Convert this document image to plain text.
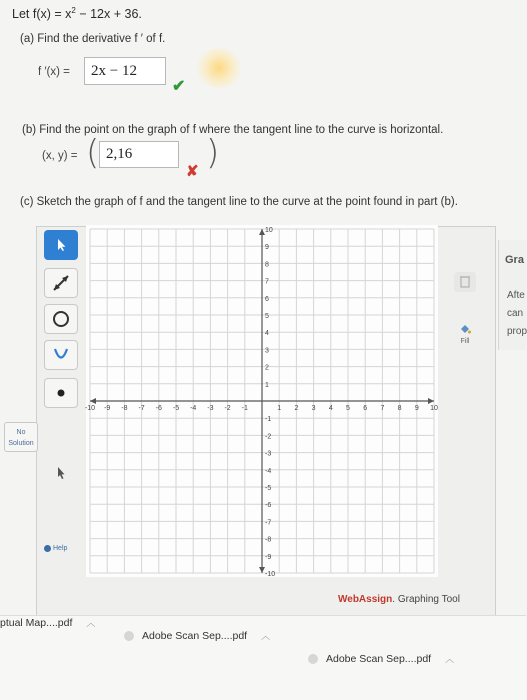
Let $f(x) = x^2 - 12x + 36$.
(a) Find the derivative f ′ of f.
f ′(x) = 2x − 12
✔
(b) Find the point on the graph of f where the tangent line to the curve is horizontal.
(x, y) = ( 2,16
✘ )
(c) Sketch the graph of f and the tangent line to the curve at the point found in part (b).
No
Solution
Help
-10 -9 -8 -7 -6 -5 -4 -3 -2 -1	1 2 3 4 5 6 7 8 9 10
10
9
8
7
6
5
4
3
2
1
-1
-2
-3
-4
-5
-6
-7
-8
-9
-10
Fill
Gra
Afte
can
prop
WebAssign. Graphing Tool
ptual Map....pdf ︿
Adobe Scan Sep....pdf ︿
Adobe Scan Sep....pdf ︿
